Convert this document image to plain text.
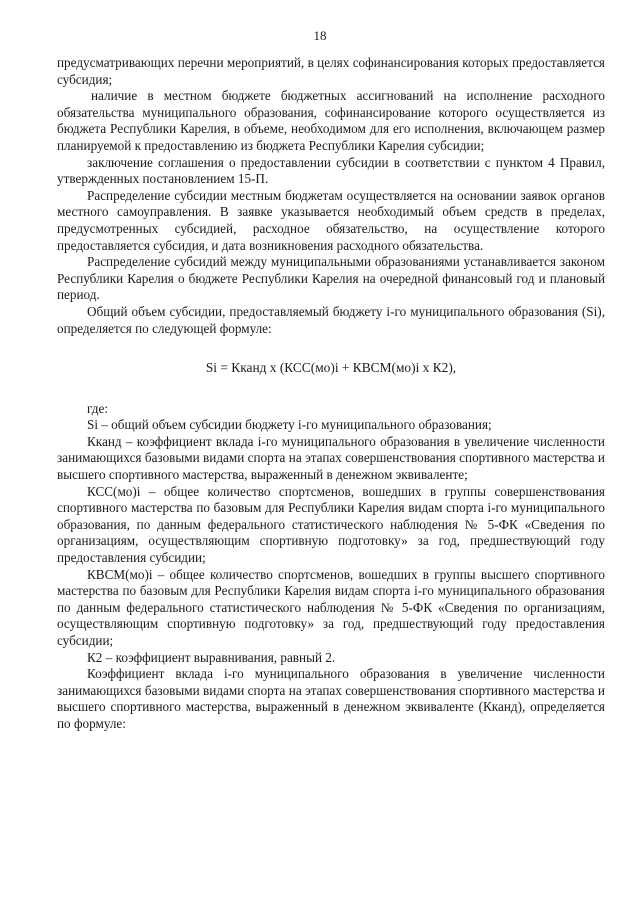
18

предусматривающих перечни мероприятий, в целях софинансирования которых предоставляется субсидия;

наличие в местном бюджете бюджетных ассигнований на исполнение расходного обязательства муниципального образования, софинансирование которого осуществляется из бюджета Республики Карелия, в объеме, необходимом для его исполнения, включающем размер планируемой к предоставлению из бюджета Республики Карелия субсидии;

заключение соглашения о предоставлении субсидии в соответствии с пунктом 4 Правил, утвержденных постановлением 15-П.

Распределение субсидии местным бюджетам осуществляется на основании заявок органов местного самоуправления. В заявке указывается необходимый объем средств в пределах, предусмотренных субсидией, расходное обязательство, на осуществление которого предоставляется субсидия, и дата возникновения расходного обязательства.

Распределение субсидий между муниципальными образованиями устанавливается законом Республики Карелия о бюджете Республики Карелия на очередной финансовый год и плановый период.

Общий объем субсидии, предоставляемый бюджету i-го муниципального образования (Si), определяется по следующей формуле:

Si = Кканд x (КСС(мо)i + КВСМ(мо)i x К2),

где:

Si – общий объем субсидии бюджету i-го муниципального образования;

Кканд – коэффициент вклада i-го муниципального образования в увеличение численности занимающихся базовыми видами спорта на этапах совершенствования спортивного мастерства и высшего спортивного мастерства, выраженный в денежном эквиваленте;

КСС(мо)i – общее количество спортсменов, вошедших в группы совершенствования спортивного мастерства по базовым для Республики Карелия видам спорта i-го муниципального образования, по данным федерального статистического наблюдения № 5-ФК «Сведения по организациям, осуществляющим спортивную подготовку» за год, предшествующий году предоставления субсидии;

КВСМ(мо)i – общее количество спортсменов, вошедших в группы высшего спортивного мастерства по базовым для Республики Карелия видам спорта i-го муниципального образования по данным федерального статистического наблюдения № 5-ФК «Сведения по организациям, осуществляющим спортивную подготовку» за год, предшествующий году предоставления субсидии;

К2 – коэффициент выравнивания, равный 2.

Коэффициент вклада i-го муниципального образования в увеличение численности занимающихся базовыми видами спорта на этапах совершенствования спортивного мастерства и высшего спортивного мастерства, выраженный в денежном эквиваленте (Кканд), определяется по формуле:
